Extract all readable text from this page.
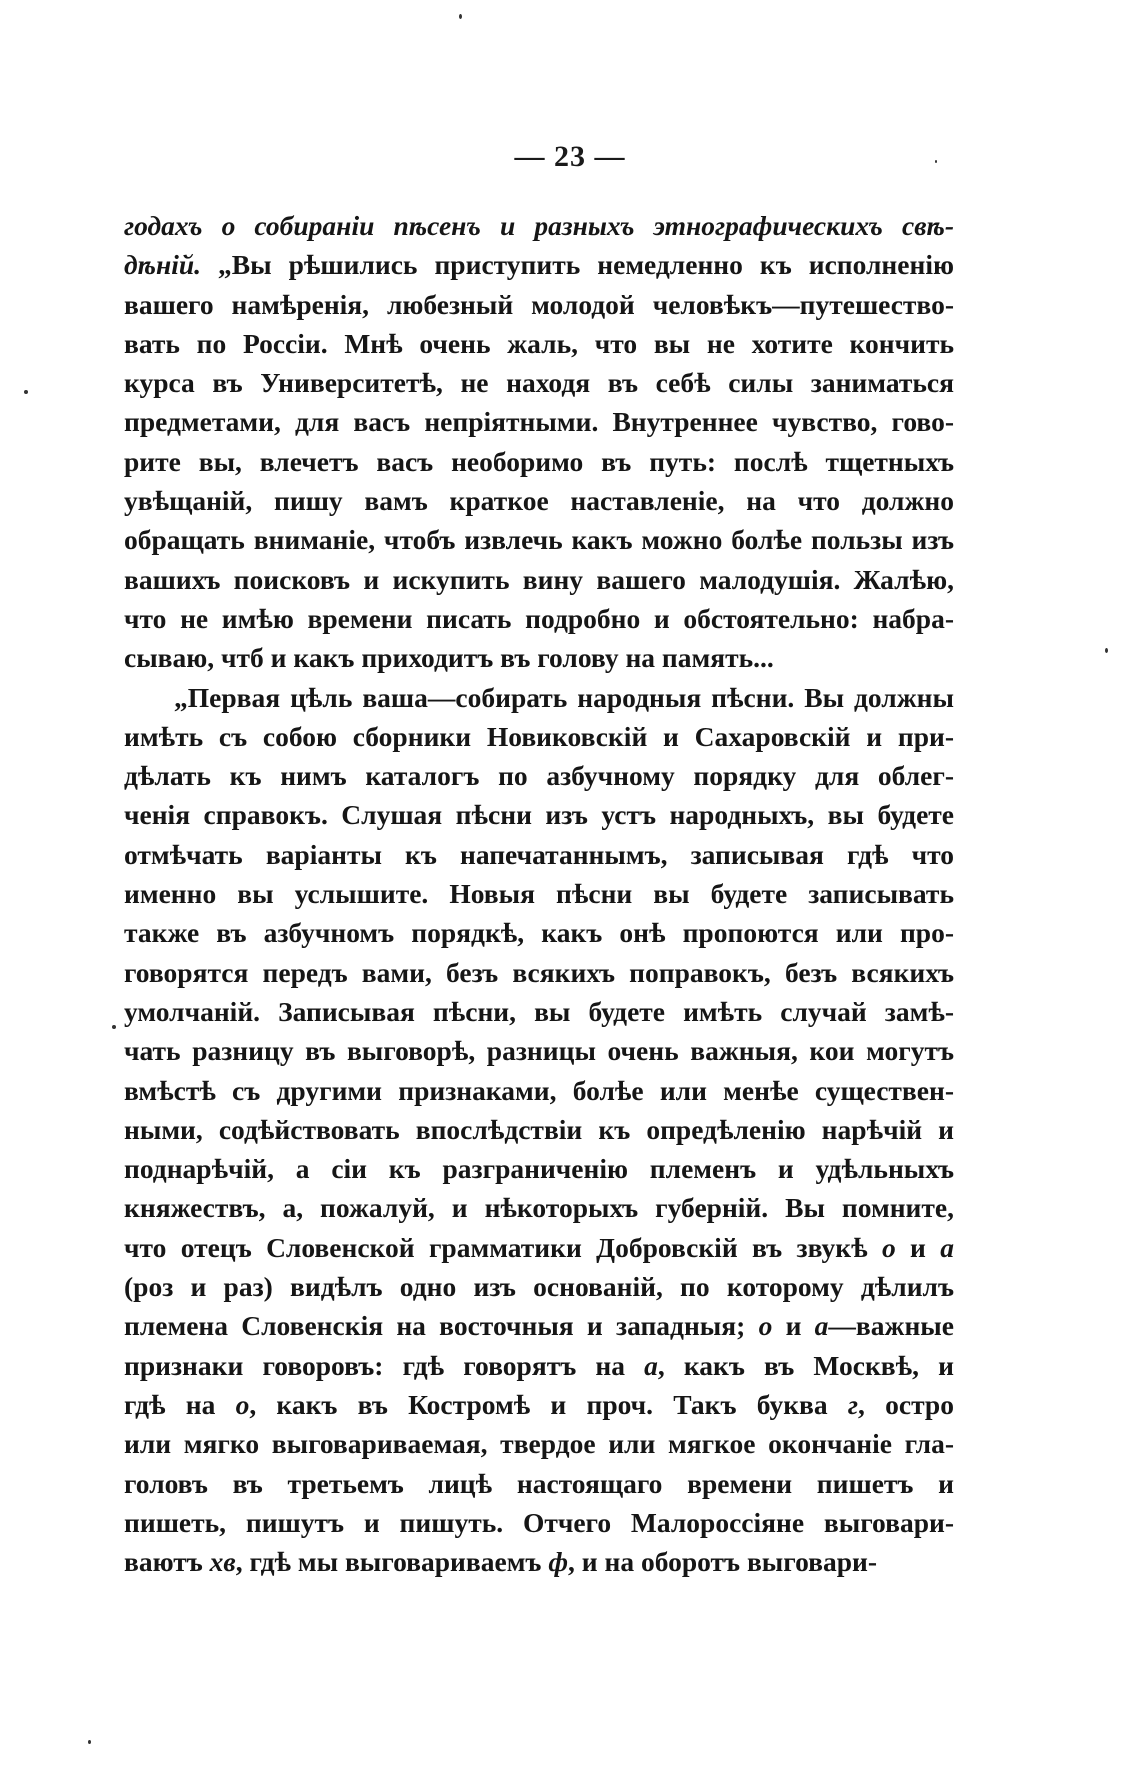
— 23 —
годахъ о собираніи пѣсенъ и разныхъ этнографическихъ свѣ-
дѣній. „Вы рѣшились приступить немедленно къ исполненію
вашего намѣренія, любезный молодой человѣкъ—путешество-
вать по Россіи. Мнѣ очень жаль, что вы не хотите кончить
курса въ Университетѣ, не находя въ себѣ силы заниматься
предметами, для васъ непріятными. Внутреннее чувство, гово-
рите вы, влечетъ васъ необоримо въ путь: послѣ тщетныхъ
увѣщаній, пишу вамъ краткое наставленіе, на что должно
обращать вниманіе, чтобъ извлечь какъ можно болѣе пользы изъ
вашихъ поисковъ и искупить вину вашего малодушія. Жалѣю,
что не имѣю времени писать подробно и обстоятельно: набра-
сываю, чтб и какъ приходитъ въ голову на память...
„Первая цѣль ваша—собирать народныя пѣсни. Вы должны
имѣть съ собою сборники Новиковскій и Сахаровскій и при-
дѣлать къ нимъ каталогъ по азбучному порядку для облег-
ченія справокъ. Слушая пѣсни изъ устъ народныхъ, вы будете
отмѣчать варіанты къ напечатаннымъ, записывая гдѣ что
именно вы услышите. Новыя пѣсни вы будете записывать
также въ азбучномъ порядкѣ, какъ онѣ пропоются или про-
говорятся передъ вами, безъ всякихъ поправокъ, безъ всякихъ
умолчаній. Записывая пѣсни, вы будете имѣть случай замѣ-
чать разницу въ выговорѣ, разницы очень важныя, кои могутъ
вмѣстѣ съ другими признаками, болѣе или менѣе существен-
ными, содѣйствовать впослѣдствіи къ опредѣленію нарѣчій и
поднарѣчій, а сіи къ разграниченію племенъ и удѣльныхъ
княжествъ, а, пожалуй, и нѣкоторыхъ губерній. Вы помните,
что отецъ Словенской грамматики Добровскій въ звукѣ о и а
(роз и раз) видѣлъ одно изъ основаній, по которому дѣлилъ
племена Словенскія на восточныя и западныя; о и а—важные
признаки говоровъ: гдѣ говорятъ на а, какъ въ Москвѣ, и
гдѣ на о, какъ въ Костромѣ и проч. Такъ буква г, остро
или мягко выговариваемая, твердое или мягкое окончаніе гла-
головъ въ третьемъ лицѣ настоящаго времени пишетъ и
пишеть, пишутъ и пишуть. Отчего Малороссіяне выговари-
ваютъ хв, гдѣ мы выговариваемъ ф, и на оборотъ выговари-
